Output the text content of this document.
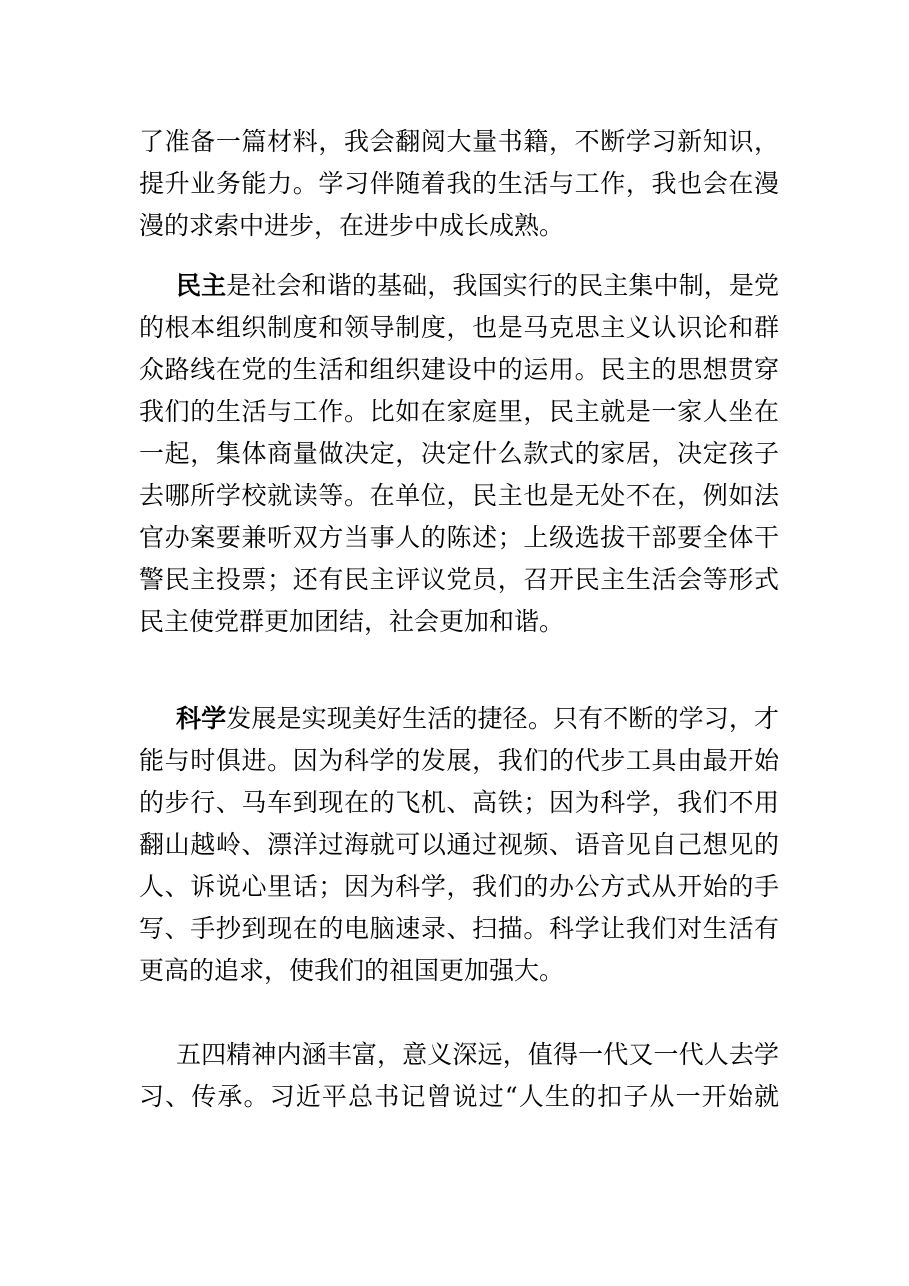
了准备一篇材料，我会翻阅大量书籍，不断学习新知识，
提升业务能力。学习伴随着我的生活与工作，我也会在漫
漫的求索中进步，在进步中成长成熟。
民主是社会和谐的基础，我国实行的民主集中制，是党
的根本组织制度和领导制度，也是马克思主义认识论和群
众路线在党的生活和组织建设中的运用。民主的思想贯穿
我们的生活与工作。比如在家庭里，民主就是一家人坐在
一起，集体商量做决定，决定什么款式的家居，决定孩子
去哪所学校就读等。在单位，民主也是无处不在，例如法
官办案要兼听双方当事人的陈述；上级选拔干部要全体干
警民主投票；还有民主评议党员，召开民主生活会等形式
民主使党群更加团结，社会更加和谐。
科学发展是实现美好生活的捷径。只有不断的学习，才
能与时俱进。因为科学的发展，我们的代步工具由最开始
的步行、马车到现在的飞机、高铁；因为科学，我们不用
翻山越岭、漂洋过海就可以通过视频、语音见自己想见的
人、诉说心里话；因为科学，我们的办公方式从开始的手
写、手抄到现在的电脑速录、扫描。科学让我们对生活有
更高的追求，使我们的祖国更加强大。
五四精神内涵丰富，意义深远，值得一代又一代人去学
习、传承。习近平总书记曾说过“人生的扣子从一开始就
